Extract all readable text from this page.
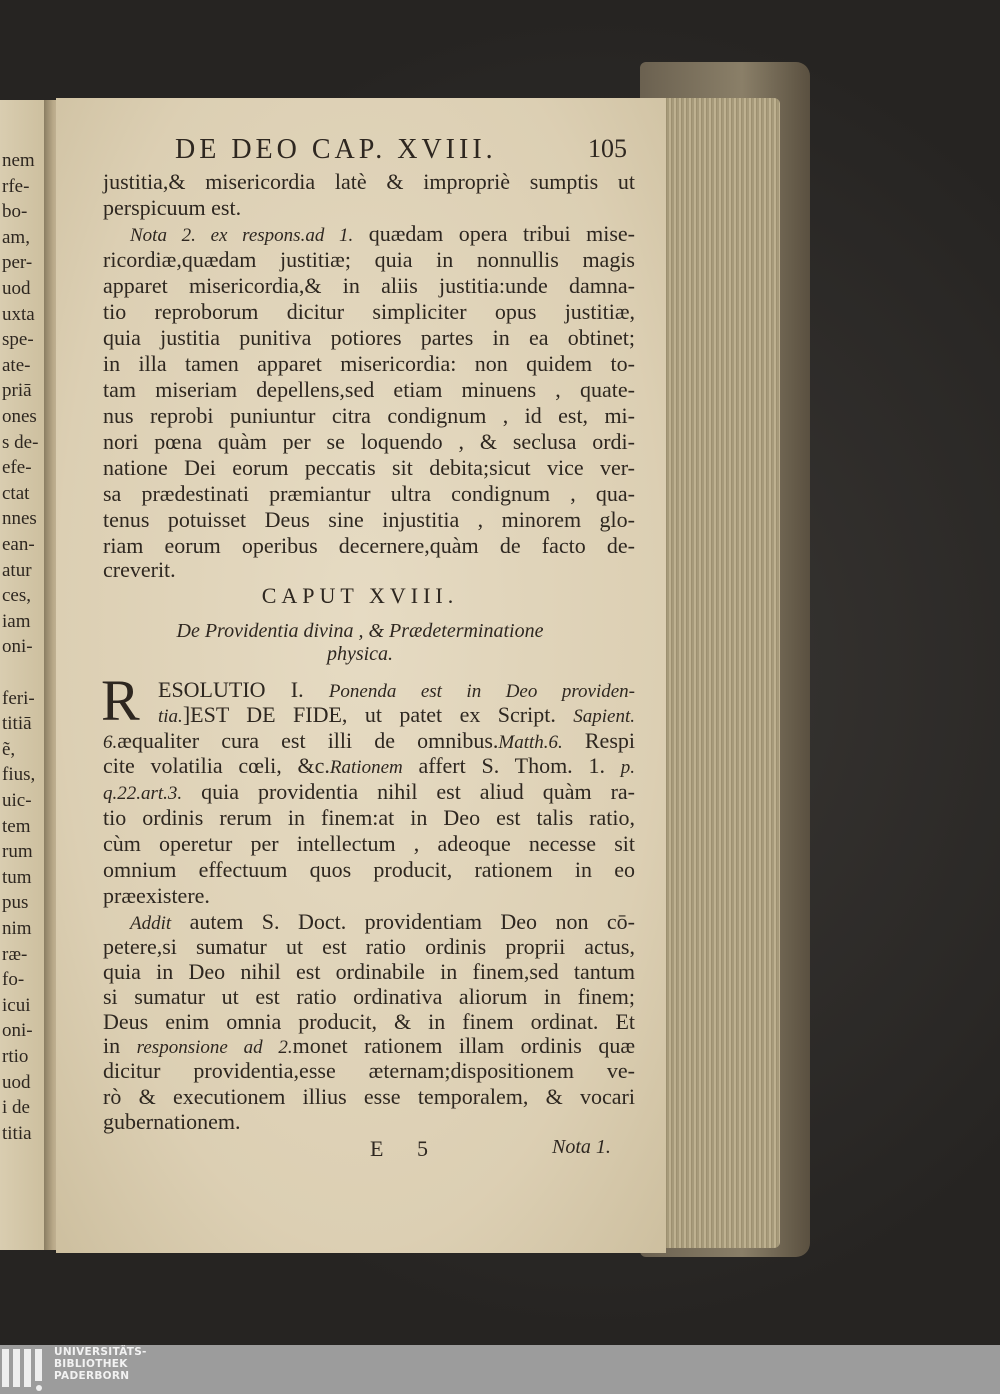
nem
rfe-
bo-
am,
per-
uod
uxta
spe-
ate-
priā
ones
s de-
efe-
ctat
nnes
ean-
atur
ces,
iam
oni-
feri-
titiā
ẽ,
fius,
uic-
tem
rum
tum
pus
nim
ræ-
fo-
icui
oni-
rtio
uod
i de
titia
DE DEO CAP. XVIII.	105
justitia,& misericordia latè & impropriè sumptis ut
perspicuum est.
Nota 2. ex respons.ad 1. quædam opera tribui mise-
ricordiæ,quædam justitiæ; quia in nonnullis magis
apparet misericordia,& in aliis justitia:unde damna-
tio reproborum dicitur simpliciter opus justitiæ,
quia justitia punitiva potiores partes in ea obtinet;
in illa tamen apparet misericordia: non quidem to-
tam miseriam depellens,sed etiam minuens , quate-
nus reprobi puniuntur citra condignum , id est, mi-
nori pœna quàm per se loquendo , & seclusa ordi-
natione Dei eorum peccatis sit debita;sicut vice ver-
sa prædestinati præmiantur ultra condignum , qua-
tenus potuisset Deus sine injustitia , minorem glo-
riam eorum operibus decernere,quàm de facto de-
creverit.
CAPUT XVIII.
De Providentia divina , & Prædeterminatione
physica.
R ESOLUTIO I. Ponenda est in Deo providen-
tia.]EST DE FIDE, ut patet ex Script. Sapient.
6.æqualiter cura est illi de omnibus.Matth.6. Respi
cite volatilia cœli, &c.Rationem affert S. Thom. 1. p.
q.22.art.3. quia providentia nihil est aliud quàm ra-
tio ordinis rerum in finem:at in Deo est talis ratio,
cùm operetur per intellectum , adeoque necesse sit
omnium effectuum quos producit, rationem in eo
præexistere.
Addit autem S. Doct. providentiam Deo non cō-
petere,si sumatur ut est ratio ordinis proprii actus,
quia in Deo nihil est ordinabile in finem,sed tantum
si sumatur ut est ratio ordinativa aliorum in finem;
Deus enim omnia producit, & in finem ordinat. Et
in responsione ad 2.monet rationem illam ordinis quæ
dicitur providentia,esse æternam;dispositionem ve-
rò & executionem illius esse temporalem, & vocari
gubernationem.
E 5	Nota 1.
UNIVERSITÄTS-
BIBLIOTHEK
PADERBORN
